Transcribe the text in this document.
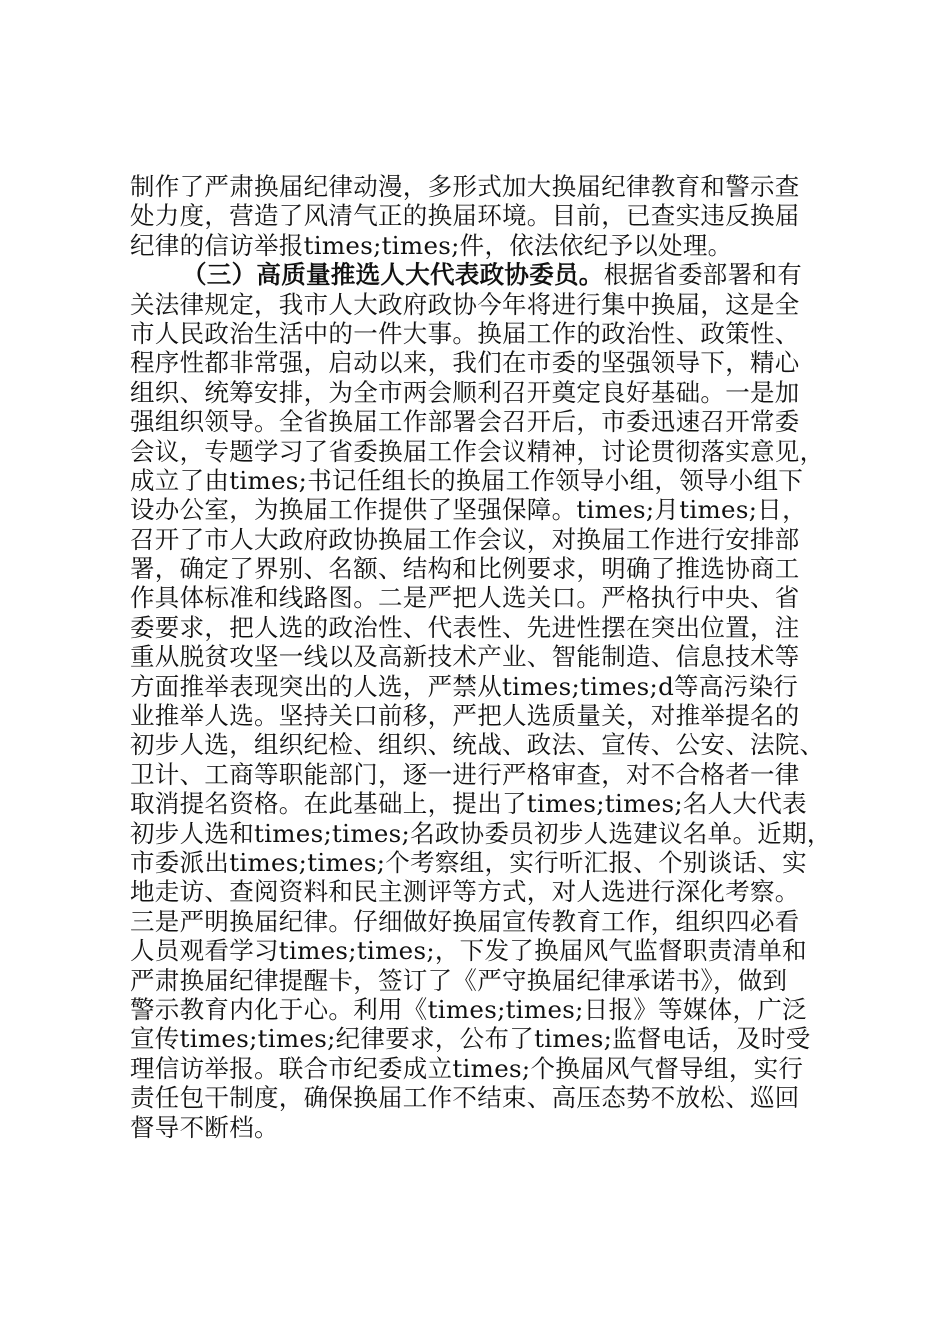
制作了严肃换届纪律动漫，多形式加大换届纪律教育和警示查
处力度，营造了风清气正的换届环境。目前，已查实违反换届
纪律的信访举报times;times;件，依法依纪予以处理。
（三）高质量推选人大代表政协委员。根据省委部署和有
关法律规定，我市人大政府政协今年将进行集中换届，这是全
市人民政治生活中的一件大事。换届工作的政治性、政策性、
程序性都非常强，启动以来，我们在市委的坚强领导下，精心
组织、统筹安排，为全市两会顺利召开奠定良好基础。一是加
强组织领导。全省换届工作部署会召开后，市委迅速召开常委
会议，专题学习了省委换届工作会议精神，讨论贯彻落实意见，
成立了由times;书记任组长的换届工作领导小组，领导小组下
设办公室，为换届工作提供了坚强保障。times;月times;日，
召开了市人大政府政协换届工作会议，对换届工作进行安排部
署，确定了界别、名额、结构和比例要求，明确了推选协商工
作具体标准和线路图。二是严把人选关口。严格执行中央、省
委要求，把人选的政治性、代表性、先进性摆在突出位置，注
重从脱贫攻坚一线以及高新技术产业、智能制造、信息技术等
方面推举表现突出的人选，严禁从times;times;d等高污染行
业推举人选。坚持关口前移，严把人选质量关，对推举提名的
初步人选，组织纪检、组织、统战、政法、宣传、公安、法院、
卫计、工商等职能部门，逐一进行严格审查，对不合格者一律
取消提名资格。在此基础上，提出了times;times;名人大代表
初步人选和times;times;名政协委员初步人选建议名单。近期，
市委派出times;times;个考察组，实行听汇报、个别谈话、实
地走访、查阅资料和民主测评等方式，对人选进行深化考察。
三是严明换届纪律。仔细做好换届宣传教育工作，组织四必看
人员观看学习times;times;，下发了换届风气监督职责清单和
严肃换届纪律提醒卡，签订了《严守换届纪律承诺书》，做到
警示教育内化于心。利用《times;times;日报》等媒体，广泛
宣传times;times;纪律要求，公布了times;监督电话，及时受
理信访举报。联合市纪委成立times;个换届风气督导组，实行
责任包干制度，确保换届工作不结束、高压态势不放松、巡回
督导不断档。
